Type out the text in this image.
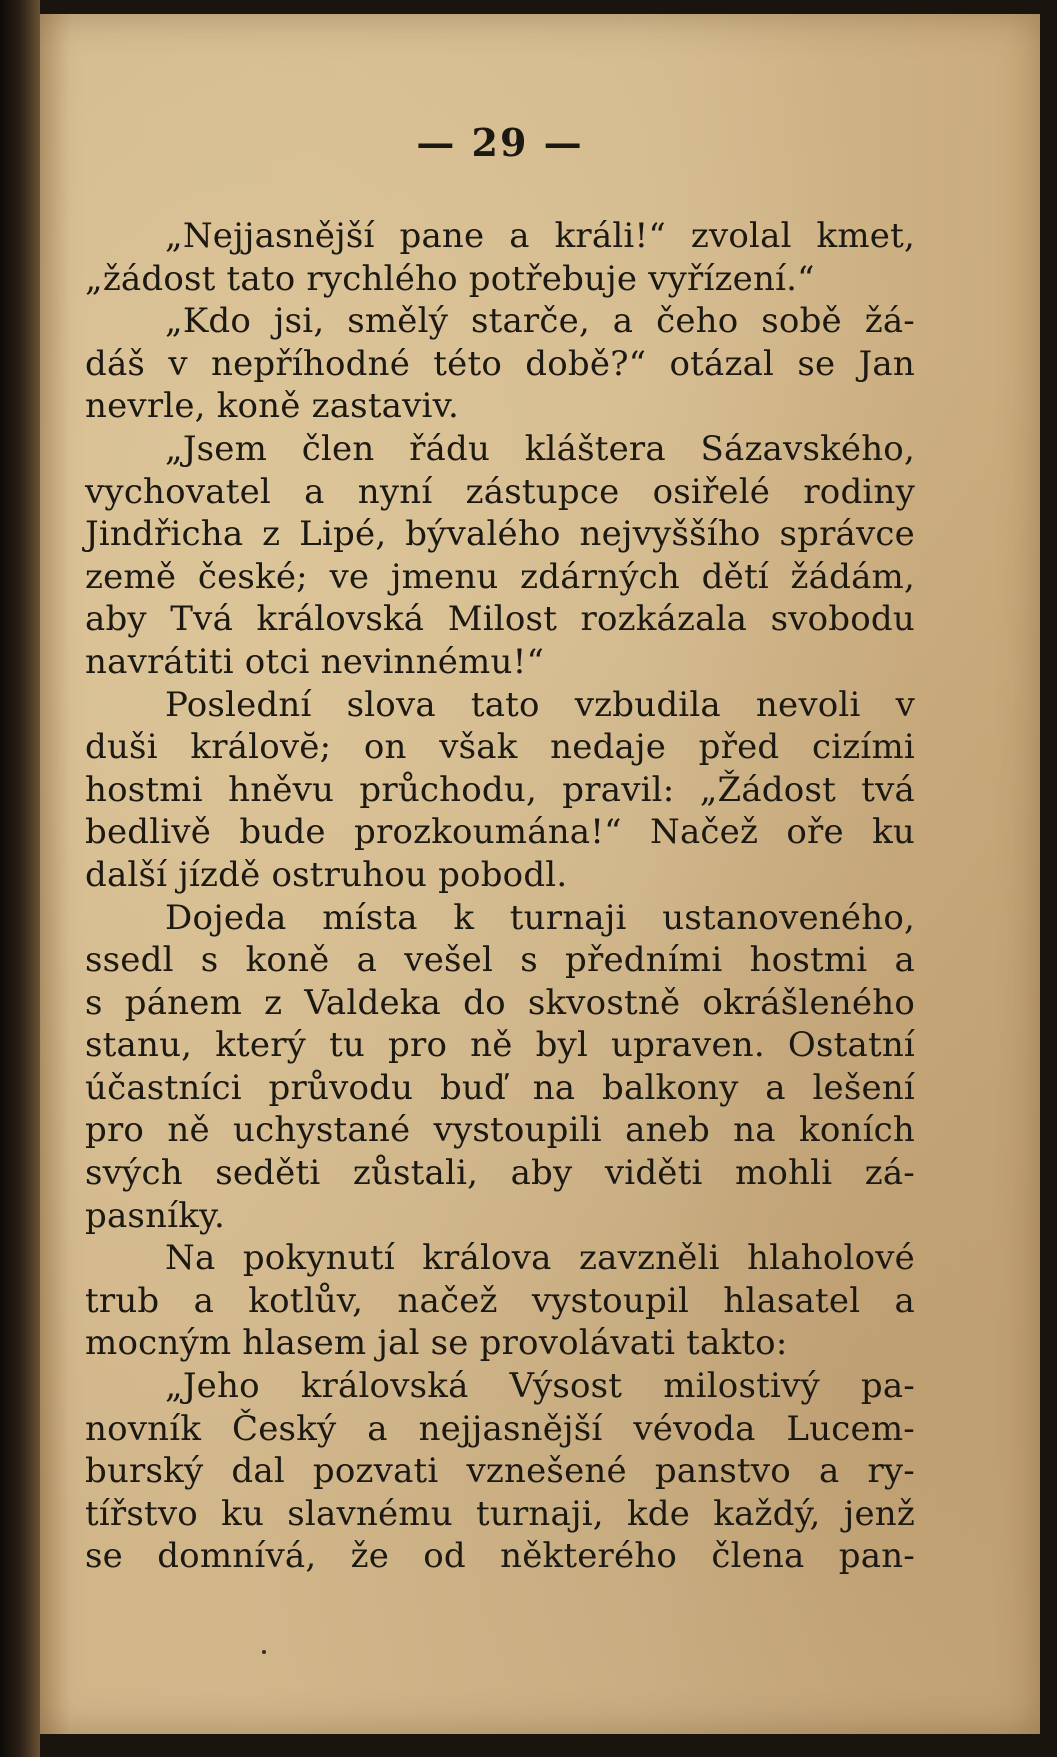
— 29 —
„Nejjasnější pane a králi!“ zvolal kmet,
„žádost tato rychlého potřebuje vyřízení.“
„Kdo jsi, smělý starče, a čeho sobě žá-
dáš v nepříhodné této době?“ otázal se Jan
nevrle, koně zastaviv.
„Jsem člen řádu kláštera Sázavského,
vychovatel a nyní zástupce osiřelé rodiny
Jindřicha z Lipé, bývalého nejvyššího správce
země české; ve jmenu zdárných dětí žádám,
aby Tvá královská Milost rozkázala svobodu
navrátiti otci nevinnému!“
Poslední slova tato vzbudila nevoli v
duši královĕ; on však nedaje před cizími
hostmi hněvu průchodu, pravil: „Žádost tvá
bedlivě bude prozkoumána!“ Načež oře ku
další jízdě ostruhou pobodl.
Dojeda místa k turnaji ustanoveného,
ssedl s koně a vešel s předními hostmi a
s pánem z Valdeka do skvostně okrášleného
stanu, který tu pro ně byl upraven. Ostatní
účastníci průvodu buď na balkony a lešení
pro ně uchystané vystoupili aneb na koních
svých seděti zůstali, aby viděti mohli zá-
pasníky.
Na pokynutí králova zavzněli hlaholové
trub a kotlův, načež vystoupil hlasatel a
mocným hlasem jal se provolávati takto:
„Jeho královská Výsost milostivý pa-
novník Český a nejjasnější vévoda Lucem-
burský dal pozvati vznešené panstvo a ry-
tířstvo ku slavnému turnaji, kde každý, jenž
se domnívá, že od některého člena pan-
